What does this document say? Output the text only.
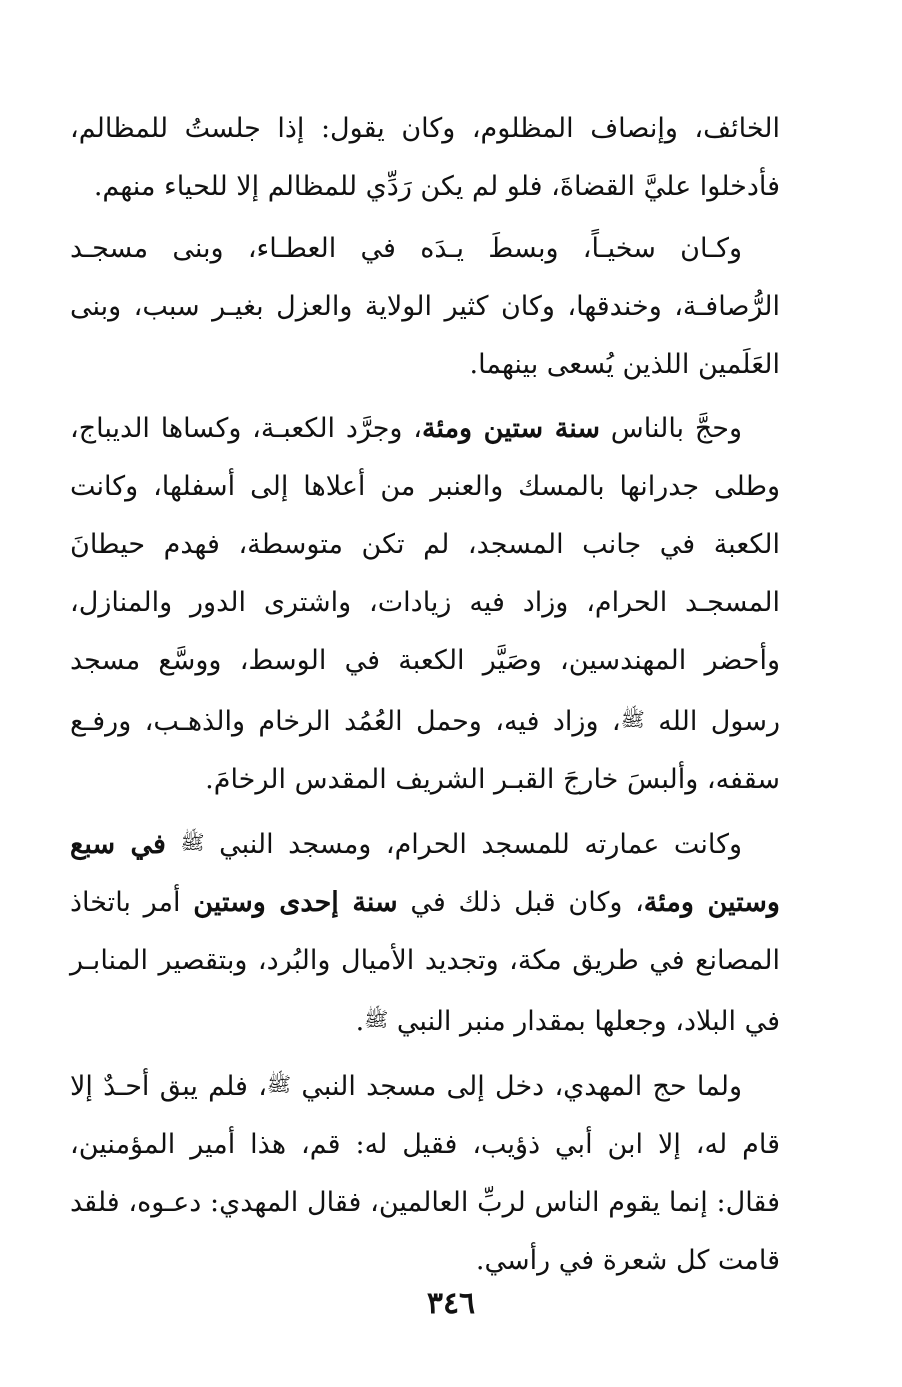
الخائف، وإنصاف المظلوم، وكان يقول: إذا جلستُ للمظالم، فأدخلوا عليَّ القضاةَ، فلو لم يكن رَدِّي للمظالم إلا للحياء منهم.

وكـان سخيـاً، وبسطَ يـدَه في العطـاء، وبنى مسجـد الرُّصافـة، وخندقها، وكان كثير الولاية والعزل بغيـر سبب، وبنى العَلَمين اللذين يُسعى بينهما.

وحجَّ بالناس سنة ستين ومئة، وجرَّد الكعبـة، وكساها الديباج، وطلى جدرانها بالمسك والعنبر من أعلاها إلى أسفلها، وكانت الكعبة في جانب المسجد، لم تكن متوسطة، فهدم حيطانَ المسجـد الحرام، وزاد فيه زيادات، واشترى الدور والمنازل، وأحضر المهندسين، وصَيَّر الكعبة في الوسط، ووسَّع مسجد رسول الله ﷺ، وزاد فيه، وحمل العُمُد الرخام والذهـب، ورفـع سقفه، وألبسَ خارجَ القبـر الشريف المقدس الرخامَ.

وكانت عمارته للمسجد الحرام، ومسجد النبي ﷺ في سبع وستين ومئة، وكان قبل ذلك في سنة إحدى وستين أمر باتخاذ المصانع في طريق مكة، وتجديد الأميال والبُرد، وبتقصير المنابـر في البلاد، وجعلها بمقدار منبر النبي ﷺ.

ولما حج المهدي، دخل إلى مسجد النبي ﷺ، فلم يبق أحـدٌ إلا قام له، إلا ابن أبي ذؤيب، فقيل له: قم، هذا أمير المؤمنين، فقال: إنما يقوم الناس لربِّ العالمين، فقال المهدي: دعـوه، فلقد قامت كل شعرة في رأسي.

٣٤٦
